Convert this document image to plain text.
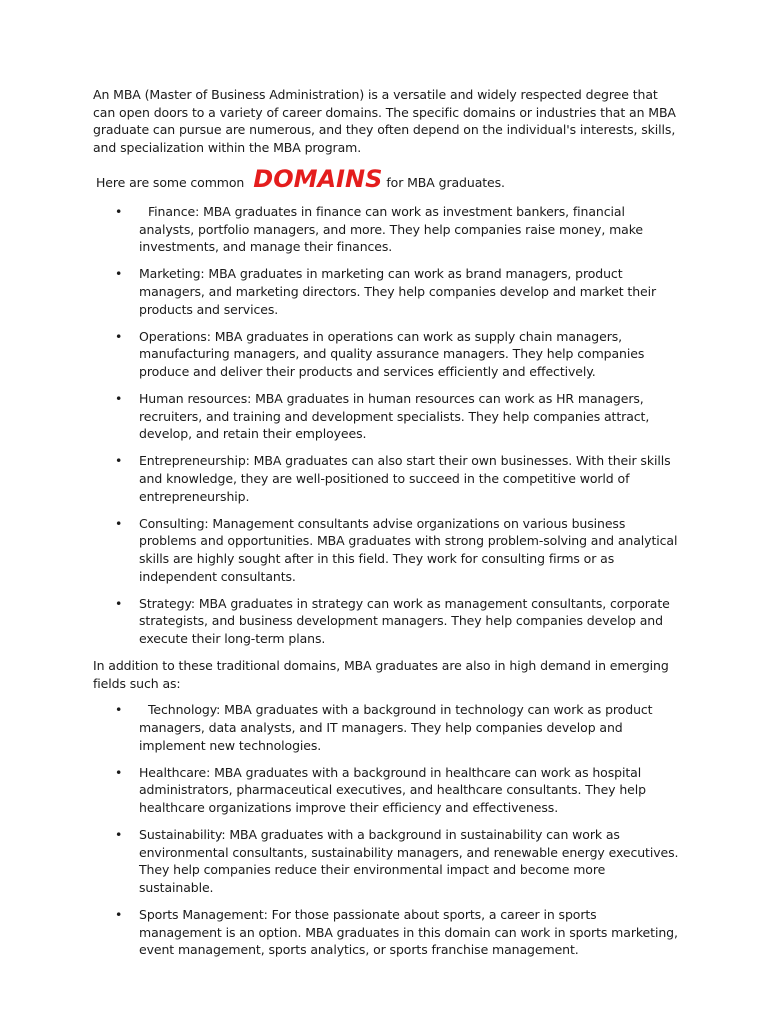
An MBA (Master of Business Administration) is a versatile and widely respected degree that can open doors to a variety of career domains. The specific domains or industries that an MBA graduate can pursue are numerous, and they often depend on the individual's interests, skills, and specialization within the MBA program.

Here are some common DOMAINS for MBA graduates.
• Finance: MBA graduates in finance can work as investment bankers, financial analysts, portfolio managers, and more. They help companies raise money, make investments, and manage their finances.
• Marketing: MBA graduates in marketing can work as brand managers, product managers, and marketing directors. They help companies develop and market their products and services.
• Operations: MBA graduates in operations can work as supply chain managers, manufacturing managers, and quality assurance managers. They help companies produce and deliver their products and services efficiently and effectively.
• Human resources: MBA graduates in human resources can work as HR managers, recruiters, and training and development specialists. They help companies attract, develop, and retain their employees.
• Entrepreneurship: MBA graduates can also start their own businesses. With their skills and knowledge, they are well-positioned to succeed in the competitive world of entrepreneurship.
• Consulting: Management consultants advise organizations on various business problems and opportunities. MBA graduates with strong problem-solving and analytical skills are highly sought after in this field. They work for consulting firms or as independent consultants.
• Strategy: MBA graduates in strategy can work as management consultants, corporate strategists, and business development managers. They help companies develop and execute their long-term plans.

In addition to these traditional domains, MBA graduates are also in high demand in emerging fields such as:

• Technology: MBA graduates with a background in technology can work as product managers, data analysts, and IT managers. They help companies develop and implement new technologies.
• Healthcare: MBA graduates with a background in healthcare can work as hospital administrators, pharmaceutical executives, and healthcare consultants. They help healthcare organizations improve their efficiency and effectiveness.
• Sustainability: MBA graduates with a background in sustainability can work as environmental consultants, sustainability managers, and renewable energy executives. They help companies reduce their environmental impact and become more sustainable.
• Sports Management: For those passionate about sports, a career in sports management is an option. MBA graduates in this domain can work in sports marketing, event management, sports analytics, or sports franchise management.
